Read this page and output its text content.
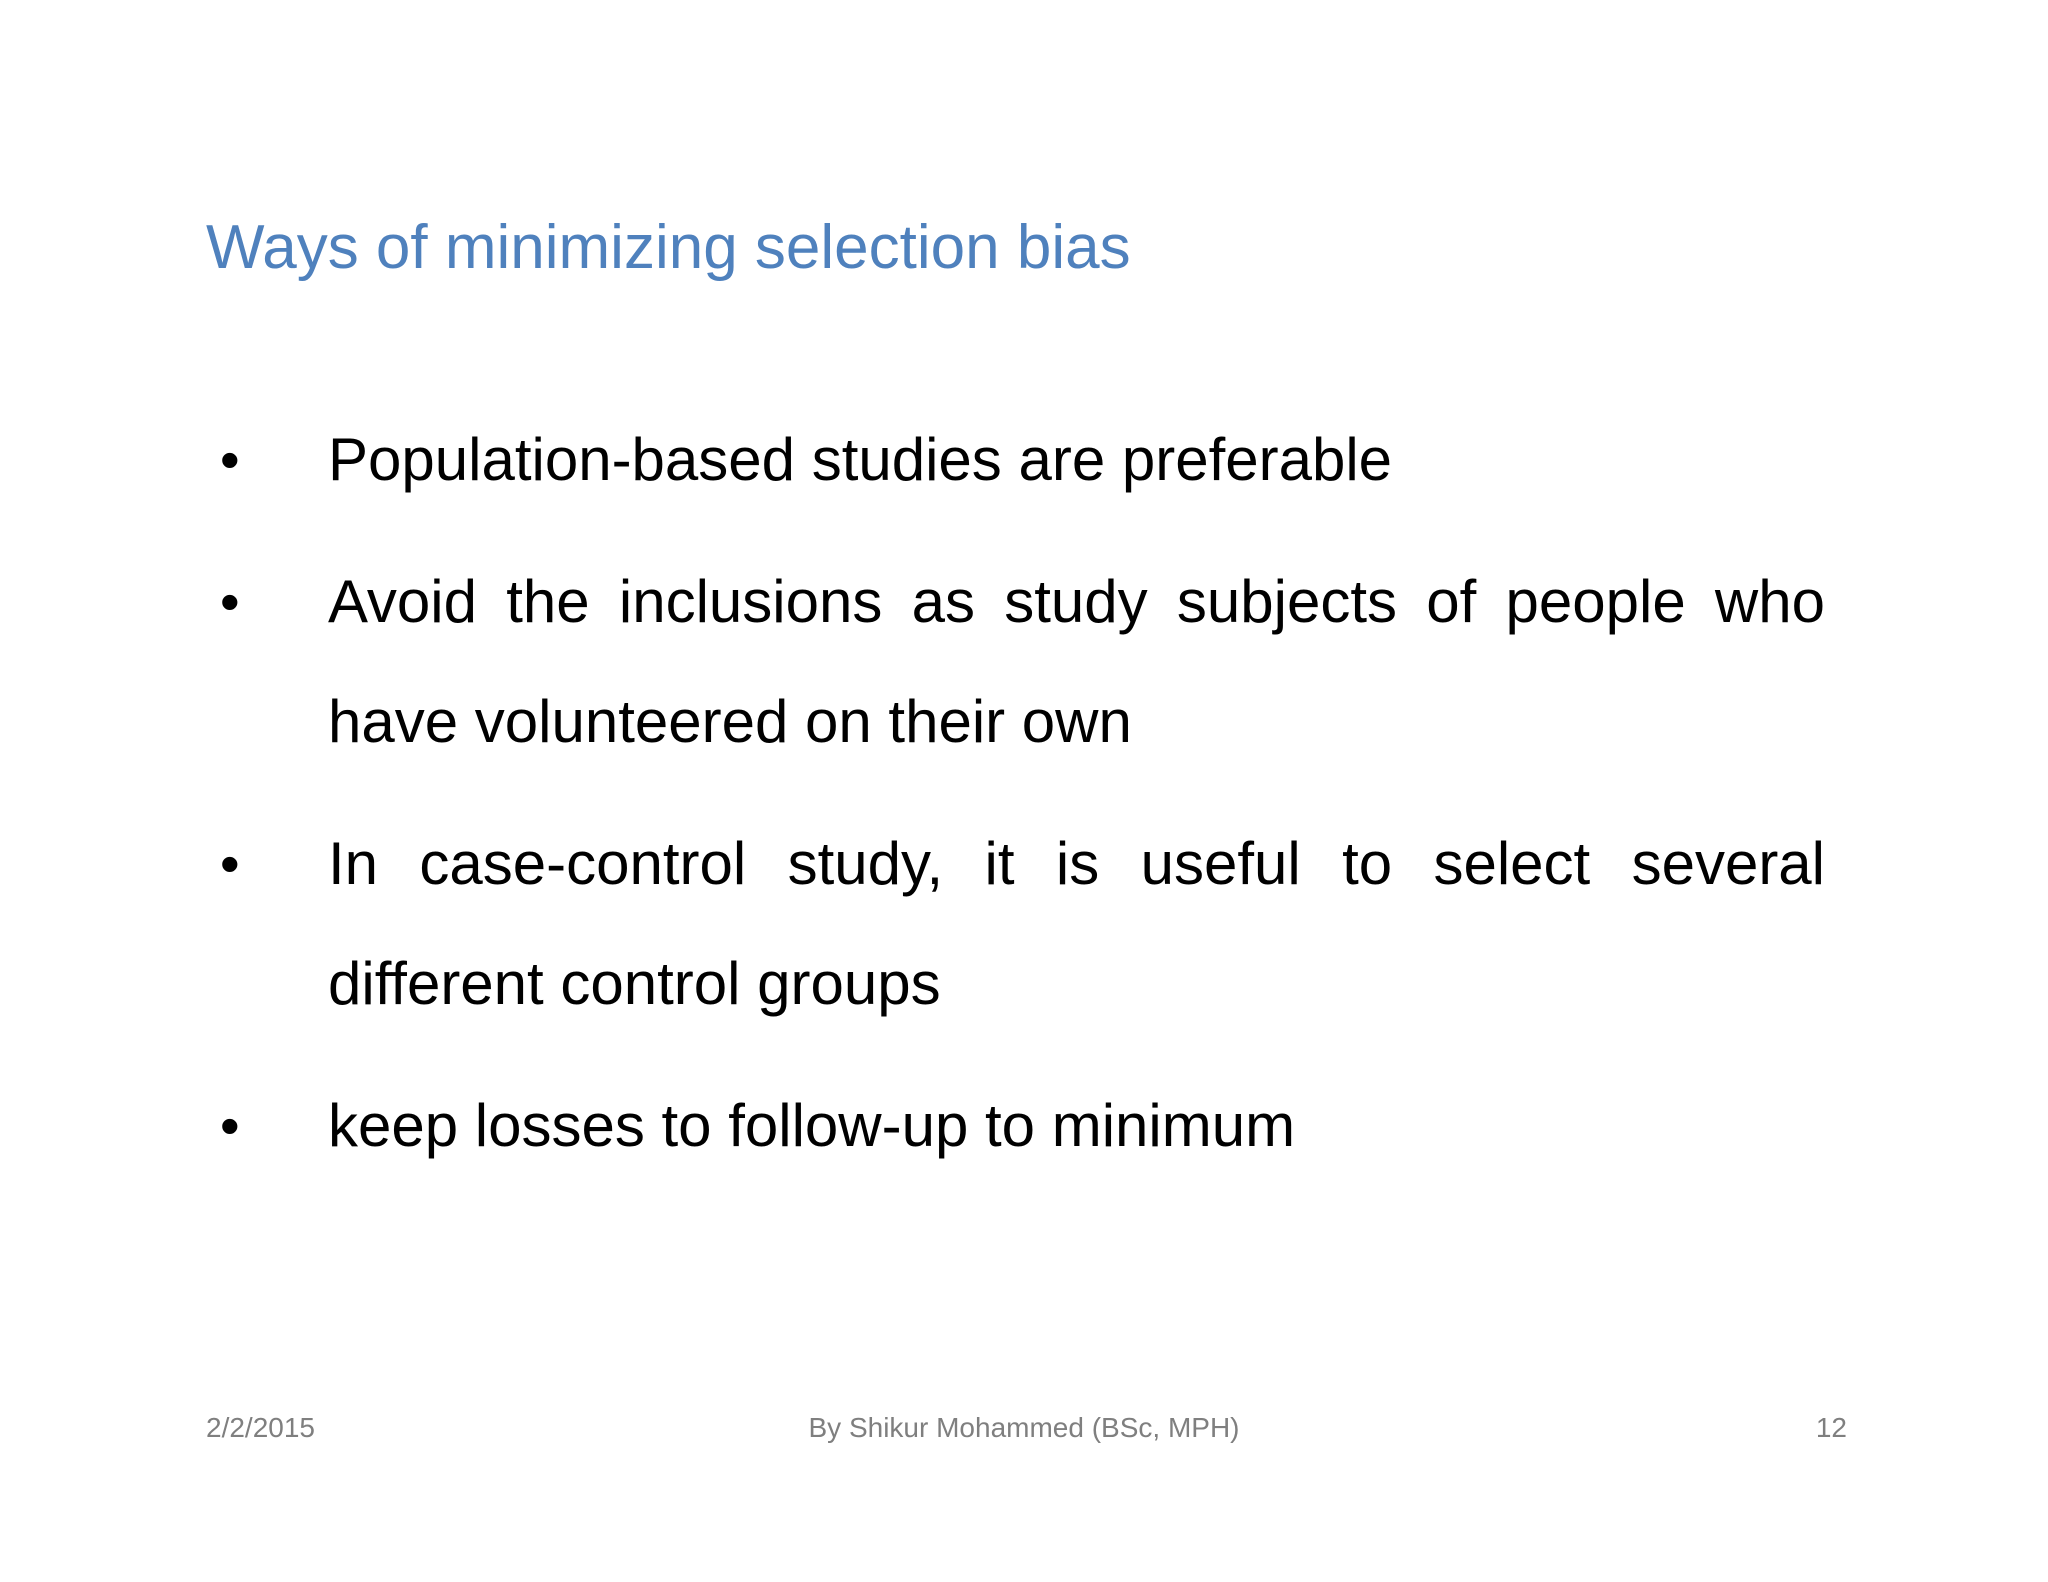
Ways of minimizing selection bias
•	Population-based studies are preferable
•	Avoid the inclusions as study subjects of people who have volunteered on their own
•	In case-control study, it is useful to select several different control groups
•	keep losses to follow-up to minimum
2/2/2015	By Shikur Mohammed (BSc, MPH)	12
